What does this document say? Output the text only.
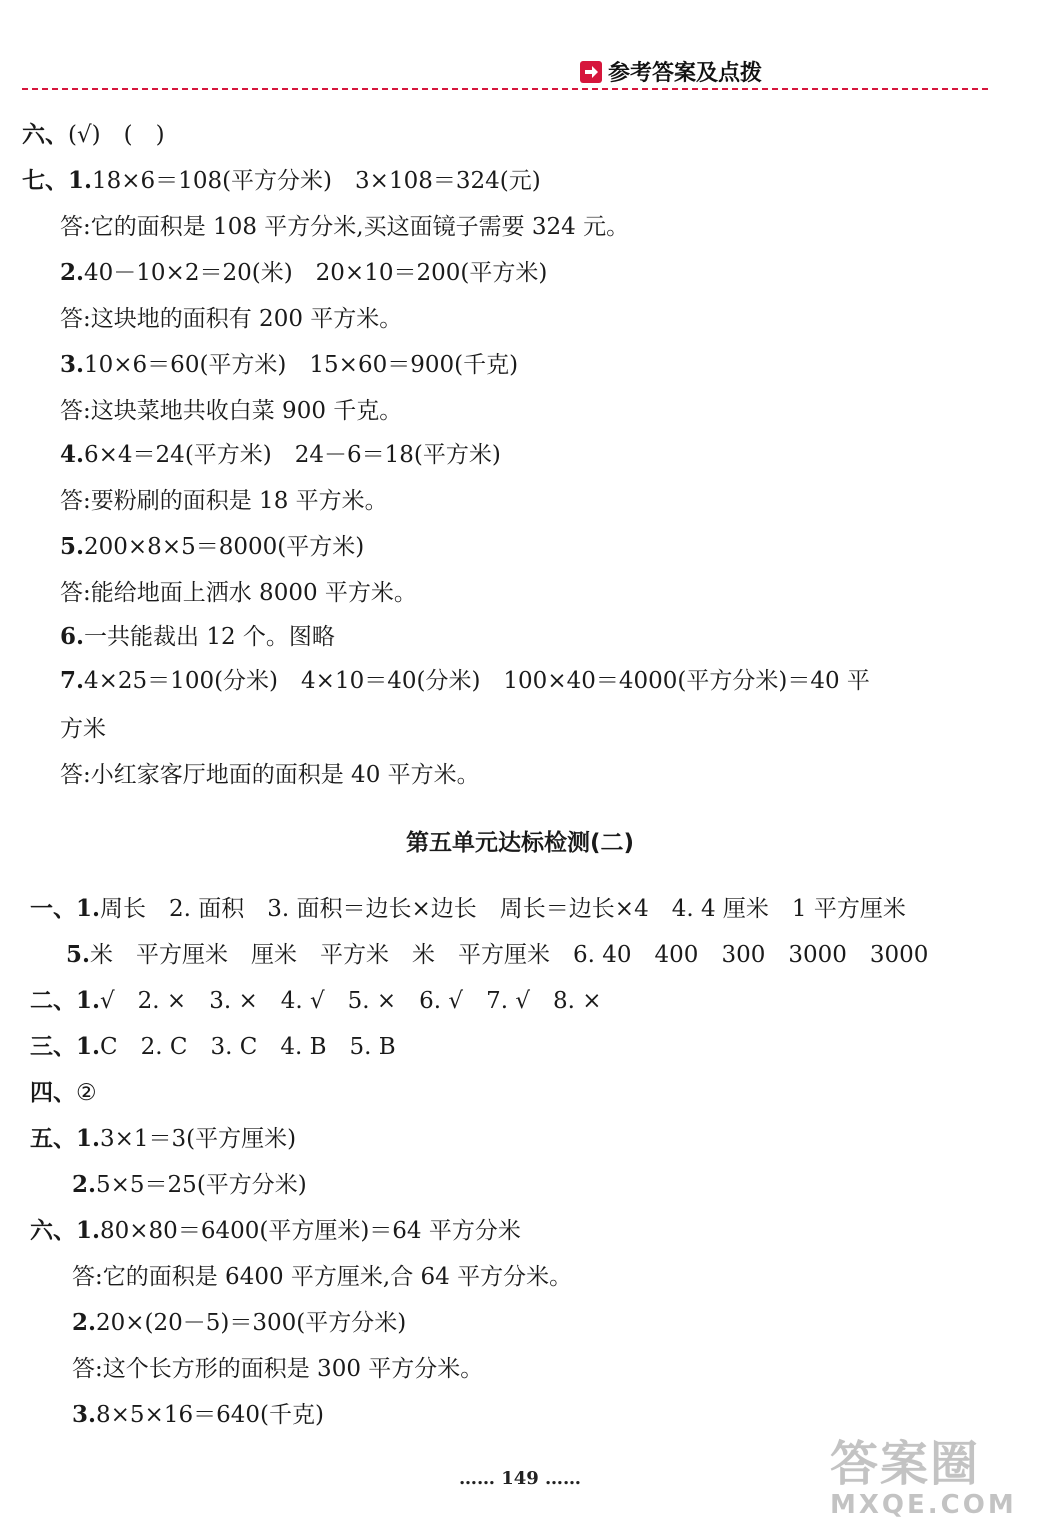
参考答案及点拨
六、(√)　(　)
七、1.18×6＝108(平方分米)　3×108＝324(元)
答:它的面积是 108 平方分米,买这面镜子需要 324 元。
2.40－10×2＝20(米)　20×10＝200(平方米)
答:这块地的面积有 200 平方米。
3.10×6＝60(平方米)　15×60＝900(千克)
答:这块菜地共收白菜 900 千克。
4.6×4＝24(平方米)　24－6＝18(平方米)
答:要粉刷的面积是 18 平方米。
5.200×8×5＝8000(平方米)
答:能给地面上洒水 8000 平方米。
6.一共能裁出 12 个。图略
7.4×25＝100(分米)　4×10＝40(分米)　100×40＝4000(平方分米)＝40 平
方米
答:小红家客厅地面的面积是 40 平方米。
第五单元达标检测(二)
一、1.周长　2. 面积　3. 面积＝边长×边长　周长＝边长×4　4. 4 厘米　1 平方厘米
5.米　平方厘米　厘米　平方米　米　平方厘米　6. 40　400　300　3000　3000
二、1.√　2. ×　3. ×　4. √　5. ×　6. √　7. √　8. ×
三、1.C　2. C　3. C　4. B　5. B
四、②
五、1.3×1＝3(平方厘米)
2.5×5＝25(平方分米)
六、1.80×80＝6400(平方厘米)＝64 平方分米
答:它的面积是 6400 平方厘米,合 64 平方分米。
2.20×(20－5)＝300(平方分米)
答:这个长方形的面积是 300 平方分米。
3.8×5×16＝640(千克)
…… 149 ……	答案圈
MXQE.COM
